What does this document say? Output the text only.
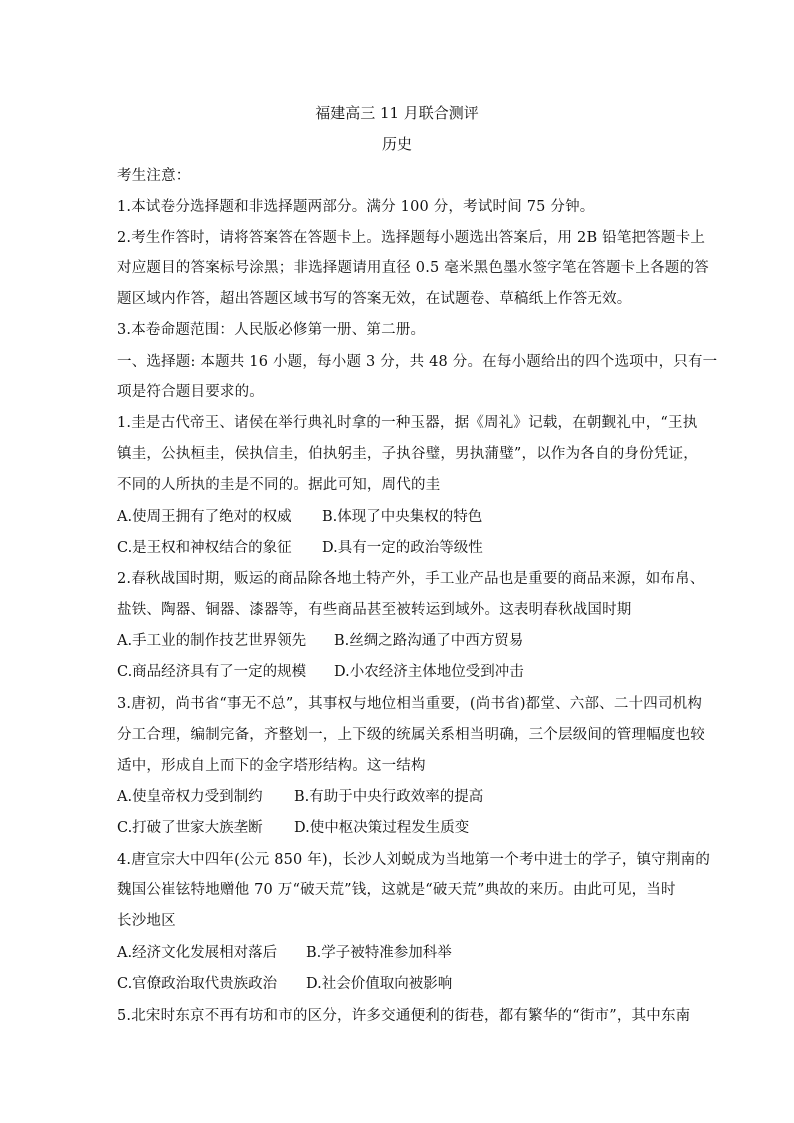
福建高三 11 月联合测评
历史
考生注意：
1.本试卷分选择题和非选择题两部分。满分 100 分，考试时间 75 分钟。
2.考生作答时，请将答案答在答题卡上。选择题每小题选出答案后，用 2B 铅笔把答题卡上
对应题目的答案标号涂黑；非选择题请用直径 0.5 毫米黑色墨水签字笔在答题卡上各题的答
题区域内作答，超出答题区域书写的答案无效，在试题卷、草稿纸上作答无效。
3.本卷命题范围：人民版必修第一册、第二册。
一、选择题: 本题共 16 小题，每小题 3 分，共 48 分。在每小题给出的四个选项中，只有一
项是符合题目要求的。
1.圭是古代帝王、诸侯在举行典礼时拿的一种玉器，据《周礼》记载，在朝觐礼中，“王执
镇圭，公执桓圭，侯执信圭，伯执躬圭，子执谷璧，男执蒲璧”，以作为各自的身份凭证，
不同的人所执的圭是不同的。据此可知，周代的圭
A.使周王拥有了绝对的权威 B.体现了中央集权的特色
C.是王权和神权结合的象征 D.具有一定的政治等级性
2.春秋战国时期，贩运的商品除各地土特产外，手工业产品也是重要的商品来源，如布帛、
盐铁、陶器、铜器、漆器等，有些商品甚至被转运到域外。这表明春秋战国时期
A.手工业的制作技艺世界领先 B.丝绸之路沟通了中西方贸易
C.商品经济具有了一定的规模 D.小农经济主体地位受到冲击
3.唐初，尚书省“事无不总”，其事权与地位相当重要，(尚书省)都堂、六部、二十四司机构
分工合理，编制完备，齐整划一，上下级的统属关系相当明确，三个层级间的管理幅度也较
适中，形成自上而下的金字塔形结构。这一结构
A.使皇帝权力受到制约 B.有助于中央行政效率的提高
C.打破了世家大族垄断 D.使中枢决策过程发生质变
4.唐宣宗大中四年(公元 850 年)，长沙人刘蜕成为当地第一个考中进士的学子，镇守荆南的
魏国公崔铉特地赠他 70 万“破天荒”钱，这就是“破天荒”典故的来历。由此可见，当时
长沙地区
A.经济文化发展相对落后 B.学子被特准参加科举
C.官僚政治取代贵族政治 D.社会价值取向被影响
5.北宋时东京不再有坊和市的区分，许多交通便利的街巷，都有繁华的“街市”，其中东南
